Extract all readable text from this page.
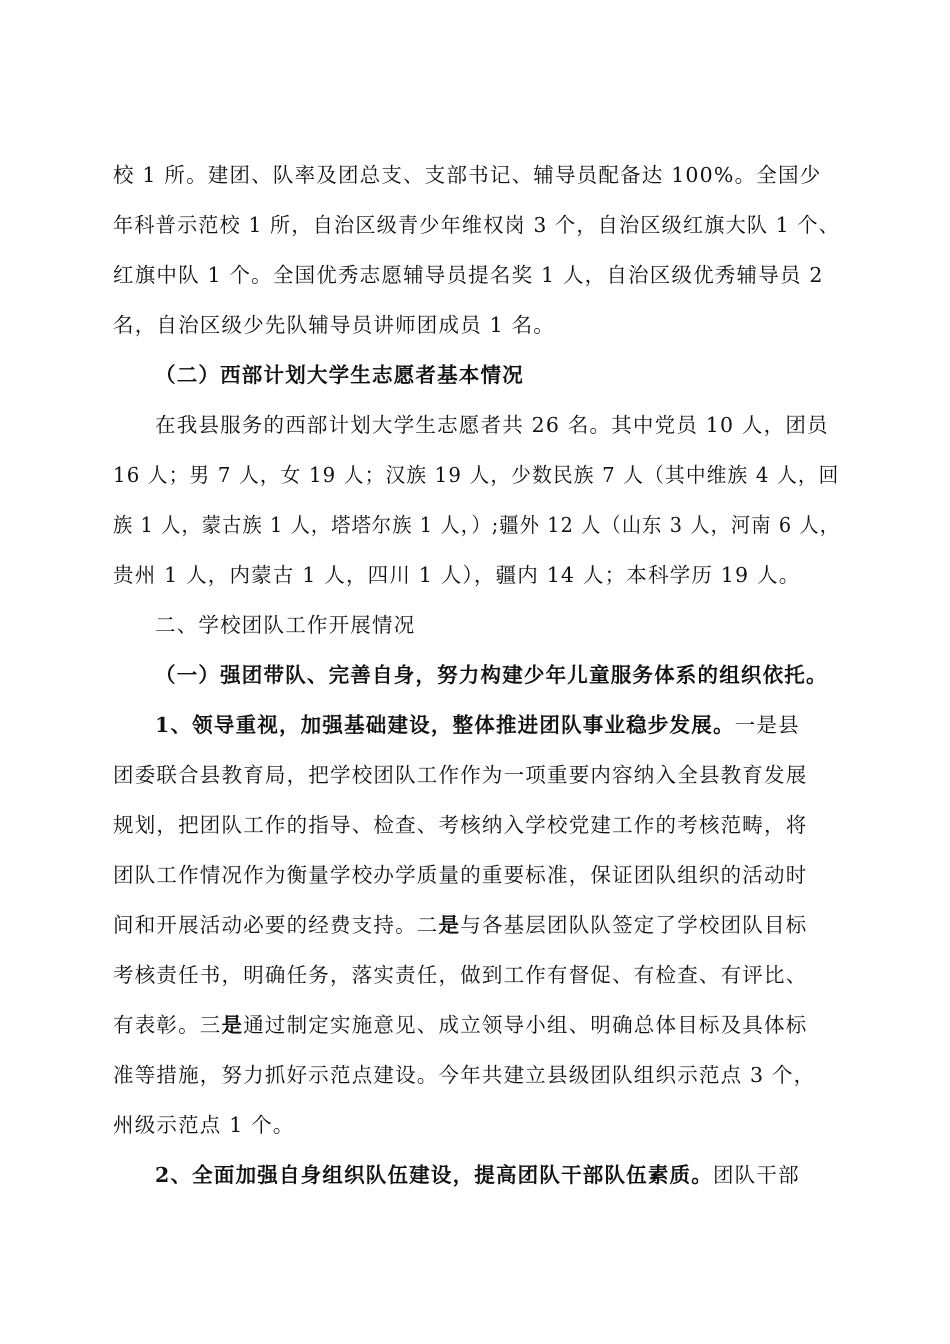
校 1 所。建团、队率及团总支、支部书记、辅导员配备达 100%。全国少
年科普示范校 1 所，自治区级青少年维权岗 3 个，自治区级红旗大队 1 个、
红旗中队 1 个。全国优秀志愿辅导员提名奖 1 人，自治区级优秀辅导员 2
名，自治区级少先队辅导员讲师团成员 1 名。
（二）西部计划大学生志愿者基本情况
在我县服务的西部计划大学生志愿者共 26 名。其中党员 10 人，团员
16 人；男 7 人，女 19 人；汉族 19 人，少数民族 7 人（其中维族 4 人，回
族 1 人，蒙古族 1 人，塔塔尔族 1 人，）;疆外 12 人（山东 3 人，河南 6 人，
贵州 1 人，内蒙古 1 人，四川 1 人），疆内 14 人；本科学历 19 人。
二、学校团队工作开展情况
（一）强团带队、完善自身，努力构建少年儿童服务体系的组织依托。
1、领导重视，加强基础建设，整体推进团队事业稳步发展。一是县
团委联合县教育局，把学校团队工作作为一项重要内容纳入全县教育发展
规划，把团队工作的指导、检查、考核纳入学校党建工作的考核范畴，将
团队工作情况作为衡量学校办学质量的重要标准，保证团队组织的活动时
间和开展活动必要的经费支持。二是与各基层团队队签定了学校团队目标
考核责任书，明确任务，落实责任，做到工作有督促、有检查、有评比、
有表彰。三是通过制定实施意见、成立领导小组、明确总体目标及具体标
准等措施，努力抓好示范点建设。今年共建立县级团队组织示范点 3 个，
州级示范点 1 个。
2、全面加强自身组织队伍建设，提高团队干部队伍素质。团队干部
